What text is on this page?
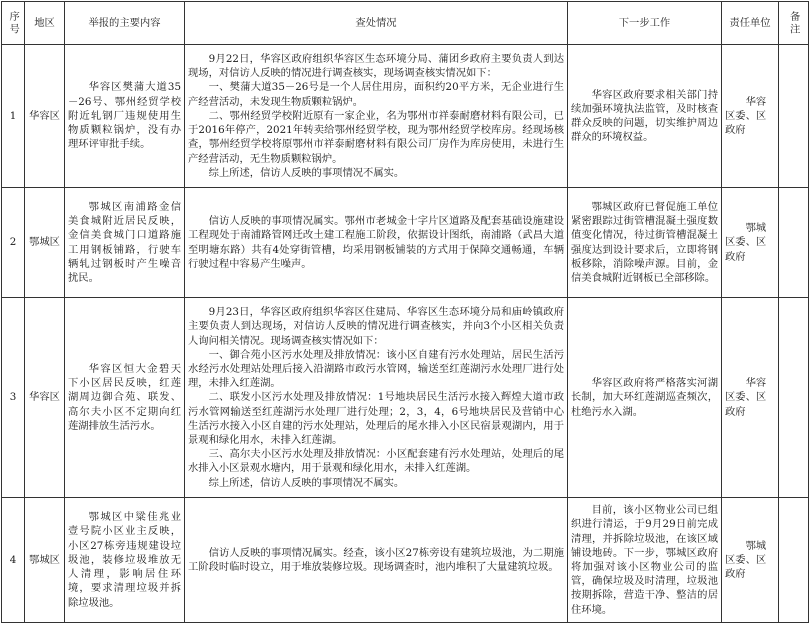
序号	地区	举报的主要内容	查处情况	下一步工作	责任单位	备注

1	华容区	华容区樊蒲大道35－26号、鄂州经贸学校附近轧钢厂违规使用生物质颗粒锅炉，没有办理环评审批手续。	9月22日，华容区政府组织华容区生态环境分局、蒲团乡政府主要负责人到达现场，对信访人反映的情况进行调查核实，现场调查核实情况如下：

一、樊蒲大道35－26号是一个人居住用房，面积约20平方米，无企业进行生产经营活动，未发现生物质颗粒锅炉。

二、鄂州经贸学校附近原有一家企业，名为鄂州市祥泰耐磨材料有限公司，已于2016年停产，2021年转卖给鄂州经贸学校，现为鄂州经贸学校库房。经现场核查，鄂州经贸学校将原鄂州市祥泰耐磨材料有限公司厂房作为库房使用，未进行生产经营活动，无生物质颗粒锅炉。

综上所述，信访人反映的事项情况不属实。	华容区政府要求相关部门持续加强环境执法监管，及时核查群众反映的问题，切实维护周边群众的环境权益。	华容区委、区政府	
2	鄂城区	鄂城区南浦路金信美食城附近居民反映，金信美食城门口道路施工用钢板铺路，行驶车辆轧过钢板时产生噪音扰民。	信访人反映的事项情况属实。鄂州市老城金十字片区道路及配套基础设施建设工程现处于南浦路管网迁改土建工程施工阶段，依据设计图纸，南浦路（武昌大道至明塘东路）共有4处穿街管槽，均采用钢板铺装的方式用于保障交通畅通，车辆行驶过程中容易产生噪声。	鄂城区政府已督促施工单位紧密跟踪过街管槽混凝土强度数值变化情况，待过街管槽混凝土强度达到设计要求后，立即将钢板移除，消除噪声源。目前，金信美食城附近钢板已全部移除。	鄂城区委、区政府	
3	华容区	华容区恒大金碧天下小区居民反映，红莲湖周边御合苑、联发、高尔夫小区不定期向红莲湖排放生活污水。	9月23日，华容区政府组织华容区住建局、华容区生态环境分局和庙岭镇政府主要负责人到达现场，对信访人反映的情况进行调查核实，并向3个小区相关负责人询问相关情况。现场调查核实情况如下：

一、御合苑小区污水处理及排放情况：该小区自建有污水处理站，居民生活污水经污水处理站处理后接入沿湖路市政污水管网，输送至红莲湖污水处理厂进行处理，未排入红莲湖。

二、联发小区污水处理及排放情况：1号地块居民生活污水接入辉煌大道市政污水管网输送至红莲湖污水处理厂进行处理；2，3，4，6号地块居民及营销中心生活污水接入小区自建的污水处理站，处理后的尾水排入小区民宿景观湖内，用于景观和绿化用水，未排入红莲湖。

三、高尔夫小区污水处理及排放情况：小区配套建有污水处理站，处理后的尾水排入小区景观水塘内，用于景观和绿化用水，未排入红莲湖。

综上所述，信访人反映的事项情况不属实。	华容区政府将严格落实河湖长制，加大环红莲湖巡查频次，杜绝污水入湖。	华容区委、区政府	
4	鄂城区	鄂城区中粱佳兆业壹号院小区业主反映，小区27栋旁违规建设垃圾池，装修垃圾堆放无人清理，影响居住环境，要求清理垃圾并拆除垃圾池。	信访人反映的事项情况属实。经查，该小区27栋旁设有建筑垃圾池，为二期施工阶段时临时设立，用于堆放装修垃圾。现场调查时，池内堆积了大量建筑垃圾。	目前，该小区物业公司已组织进行清运，于9月29日前完成清理，并拆除垃圾池，在该区域铺设地砖。下一步，鄂城区政府将加强对该小区物业公司的监管，确保垃圾及时清理，垃圾池按期拆除，营造干净、整洁的居住环境。	鄂城区委、区政府	
